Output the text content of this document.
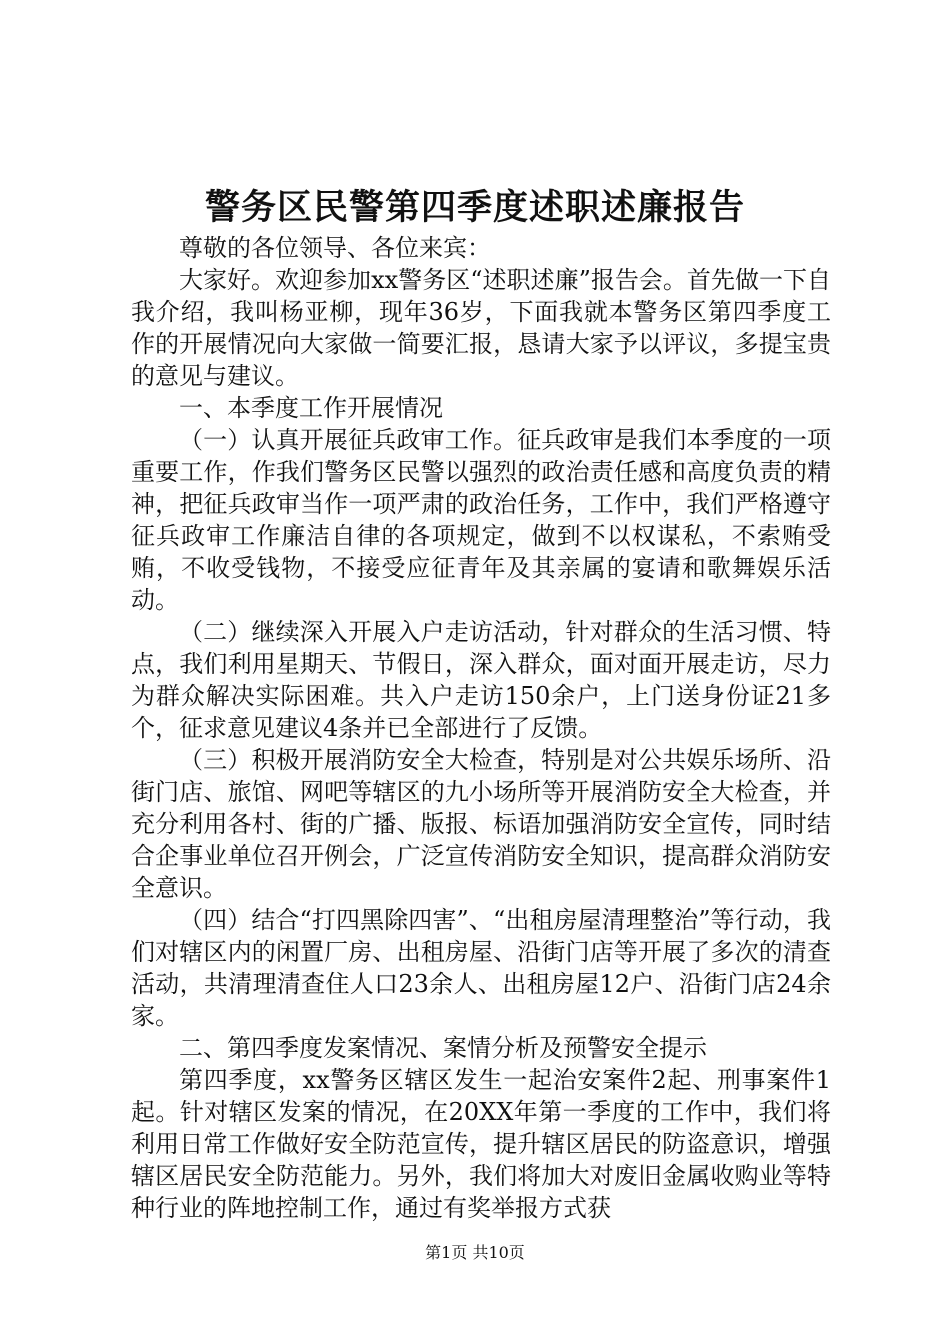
警务区民警第四季度述职述廉报告

尊敬的各位领导、各位来宾：

大家好。欢迎参加xx警务区“述职述廉”报告会。首先做一下自我介绍，我叫杨亚柳，现年36岁，下面我就本警务区第四季度工作的开展情况向大家做一简要汇报，恳请大家予以评议，多提宝贵的意见与建议。

一、本季度工作开展情况

（一）认真开展征兵政审工作。征兵政审是我们本季度的一项重要工作，作我们警务区民警以强烈的政治责任感和高度负责的精神，把征兵政审当作一项严肃的政治任务，工作中，我们严格遵守征兵政审工作廉洁自律的各项规定，做到不以权谋私，不索贿受贿，不收受钱物，不接受应征青年及其亲属的宴请和歌舞娱乐活动。

（二）继续深入开展入户走访活动，针对群众的生活习惯、特点，我们利用星期天、节假日，深入群众，面对面开展走访，尽力为群众解决实际困难。共入户走访150余户，上门送身份证21多个，征求意见建议4条并已全部进行了反馈。

（三）积极开展消防安全大检查，特别是对公共娱乐场所、沿街门店、旅馆、网吧等辖区的九小场所等开展消防安全大检查，并充分利用各村、街的广播、版报、标语加强消防安全宣传，同时结合企事业单位召开例会，广泛宣传消防安全知识，提高群众消防安全意识。

（四）结合“打四黑除四害”、“出租房屋清理整治”等行动，我们对辖区内的闲置厂房、出租房屋、沿街门店等开展了多次的清查活动，共清理清查住人口23余人、出租房屋12户、沿街门店24余家。

二、第四季度发案情况、案情分析及预警安全提示

第四季度，xx警务区辖区发生一起治安案件2起、刑事案件1起。针对辖区发案的情况，在20XX年第一季度的工作中，我们将利用日常工作做好安全防范宣传，提升辖区居民的防盗意识，增强辖区居民安全防范能力。另外，我们将加大对废旧金属收购业等特种行业的阵地控制工作，通过有奖举报方式获

第1页 共10页
